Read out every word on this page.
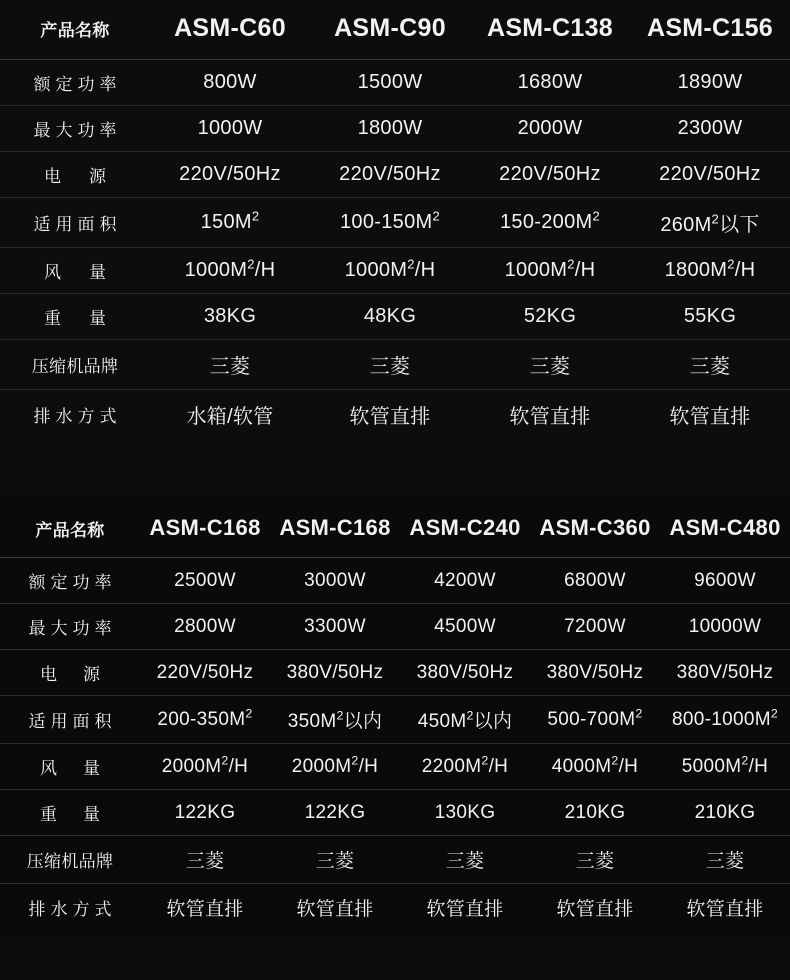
产品名称	ASM-C60	ASM-C90	ASM-C138	ASM-C156
额定功率	800W	1500W	1680W	1890W
最大功率	1000W	1800W	2000W	2300W
电源	220V/50Hz	220V/50Hz	220V/50Hz	220V/50Hz
适用面积	$150M^2$	$100-150M^2$	$150-200M^2$	$260M^2$以下
风量	$1000M^2/H$	$1000M^2/H$	$1000M^2/H$	$1800M^2/H$
重量	38KG	48KG	52KG	55KG
压缩机品牌	三菱	三菱	三菱	三菱
排水方式	水箱/软管	软管直排	软管直排	软管直排
产品名称	ASM-C168	ASM-C168	ASM-C240	ASM-C360	ASM-C480
额定功率	2500W	3000W	4200W	6800W	9600W
最大功率	2800W	3300W	4500W	7200W	10000W
电源	220V/50Hz	380V/50Hz	380V/50Hz	380V/50Hz	380V/50Hz
适用面积	$200-350M^2$	$350M^2$以内	$450M^2$以内	$500-700M^2$	$800-1000M^2$
风量	$2000M^2/H$	$2000M^2/H$	$2200M^2/H$	$4000M^2/H$	$5000M^2/H$
重量	122KG	122KG	130KG	210KG	210KG
压缩机品牌	三菱	三菱	三菱	三菱	三菱
排水方式	软管直排	软管直排	软管直排	软管直排	软管直排
